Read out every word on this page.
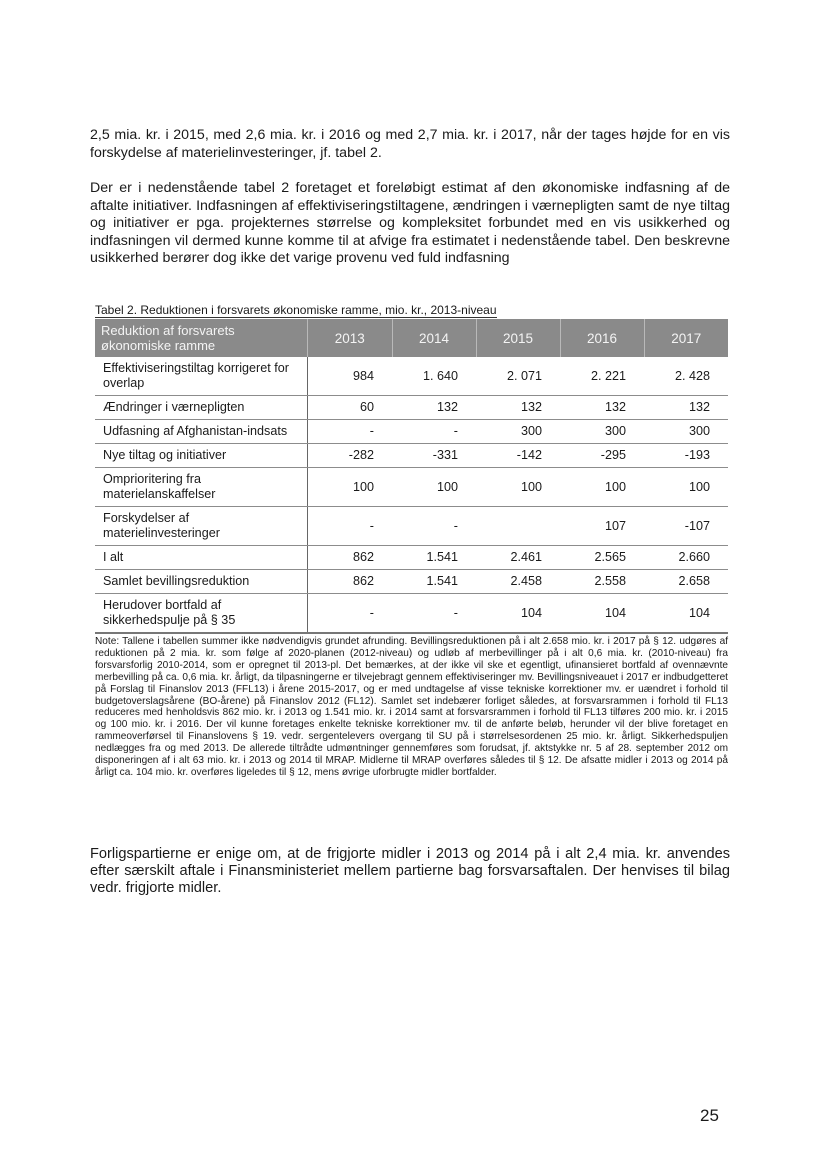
2,5 mia. kr. i 2015, med 2,6 mia. kr. i 2016 og med 2,7 mia. kr. i 2017, når der tages højde for en vis forskydelse af materielinvesteringer, jf. tabel 2.

Der er i nedenstående tabel 2 foretaget et foreløbigt estimat af den økonomiske indfasning af de aftalte initiativer. Indfasningen af effektiviseringstiltagene, ændringen i værnepligten samt de nye tiltag og initiativer er pga. projekternes størrelse og kompleksitet forbundet med en vis usikkerhed og indfasningen vil dermed kunne komme til at afvige fra estimatet i nedenstående tabel. Den beskrevne usikkerhed berører dog ikke det varige provenu ved fuld indfasning

Tabel 2. Reduktionen i forsvarets økonomiske ramme, mio. kr., 2013-niveau
Reduktion af forsvarets økonomiske ramme	2013	2014	2015	2016	2017
Effektiviseringstiltag korrigeret for overlap	984	1. 640	2. 071	2. 221	2. 428
Ændringer i værnepligten	60	132	132	132	132
Udfasning af Afghanistan-indsats	-	-	300	300	300
Nye tiltag og initiativer	-282	-331	-142	-295	-193
Omprioritering fra materielanskaffelser	100	100	100	100	100
Forskydelser af materielinvesteringer	-	-		107	-107
I alt	862	1.541	2.461	2.565	2.660
Samlet bevillingsreduktion	862	1.541	2.458	2.558	2.658
Herudover bortfald af sikkerhedspulje på § 35	-	-	104	104	104

Note: Tallene i tabellen summer ikke nødvendigvis grundet afrunding. Bevillingsreduktionen på i alt 2.658 mio. kr. i 2017 på § 12. udgøres af reduktionen på 2 mia. kr. som følge af 2020-planen (2012-niveau) og udløb af merbevillinger på i alt 0,6 mia. kr. (2010-niveau) fra forsvarsforlig 2010-2014, som er opregnet til 2013-pl. Det bemærkes, at der ikke vil ske et egentligt, ufinansieret bortfald af ovennævnte merbevilling på ca. 0,6 mia. kr. årligt, da tilpasningerne er tilvejebragt gennem effektiviseringer mv. Bevillingsniveauet i 2017 er indbudgetteret på Forslag til Finanslov 2013 (FFL13) i årene 2015-2017, og er med undtagelse af visse tekniske korrektioner mv. er uændret i forhold til budgetoverslagsårene (BO-årene) på Finanslov 2012 (FL12). Samlet set indebærer forliget således, at forsvarsrammen i forhold til FL13 reduceres med henholdsvis 862 mio. kr. i 2013 og 1.541 mio. kr. i 2014 samt at forsvarsrammen i forhold til FL13 tilføres 200 mio. kr. i 2015 og 100 mio. kr. i 2016. Der vil kunne foretages enkelte tekniske korrektioner mv. til de anførte beløb, herunder vil der blive foretaget en rammeoverførsel til Finanslovens § 19. vedr. sergentelevers overgang til SU på i størrelsesordenen 25 mio. kr. årligt. Sikkerhedspuljen nedlægges fra og med 2013. De allerede tiltrådte udmøntninger gennemføres som forudsat, jf. aktstykke nr. 5 af 28. september 2012 om disponeringen af i alt 63 mio. kr. i 2013 og 2014 til MRAP. Midlerne til MRAP overføres således til § 12. De afsatte midler i 2013 og 2014 på årligt ca. 104 mio. kr. overføres ligeledes til § 12, mens øvrige uforbrugte midler bortfalder.

Forligspartierne er enige om, at de frigjorte midler i 2013 og 2014 på i alt 2,4 mia. kr. anvendes efter særskilt aftale i Finansministeriet mellem partierne bag forsvarsaftalen. Der henvises til bilag vedr. frigjorte midler.

25
